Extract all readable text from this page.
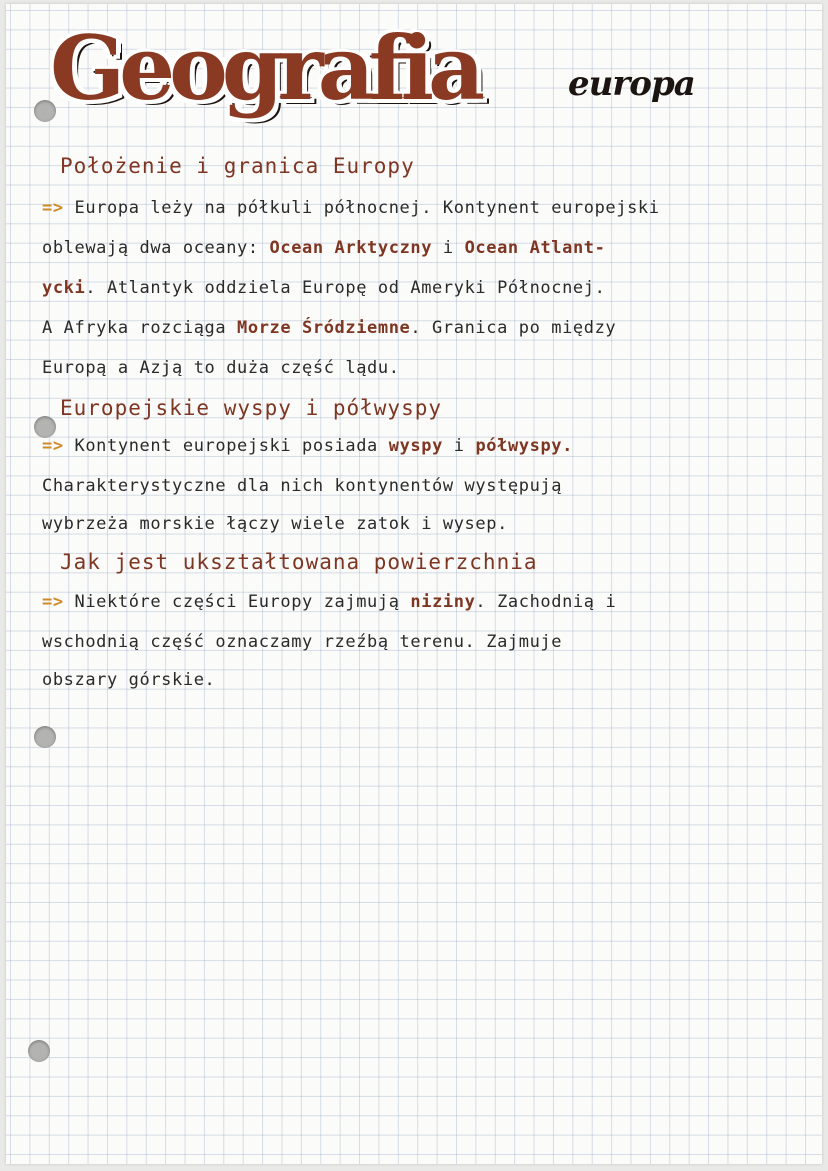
Geografia	europa
Położenie i granica Europy
=> Europa leży na półkuli północnej. Kontynent europejski
oblewają dwa oceany: Ocean Arktyczny i Ocean Atlant-
ycki. Atlantyk oddziela Europę od Ameryki Północnej.
A Afryka rozciąga Morze Śródziemne. Granica po między
Europą a Azją to duża część lądu.
Europejskie wyspy i półwyspy
=> Kontynent europejski posiada wyspy i półwyspy.
Charakterystyczne dla nich kontynentów występują
wybrzeża morskie łączy wiele zatok i wysep.
Jak jest ukształtowana powierzchnia
=> Niektóre części Europy zajmują niziny. Zachodnią i
wschodnią część oznaczamy rzeźbą terenu. Zajmuje
obszary górskie.
